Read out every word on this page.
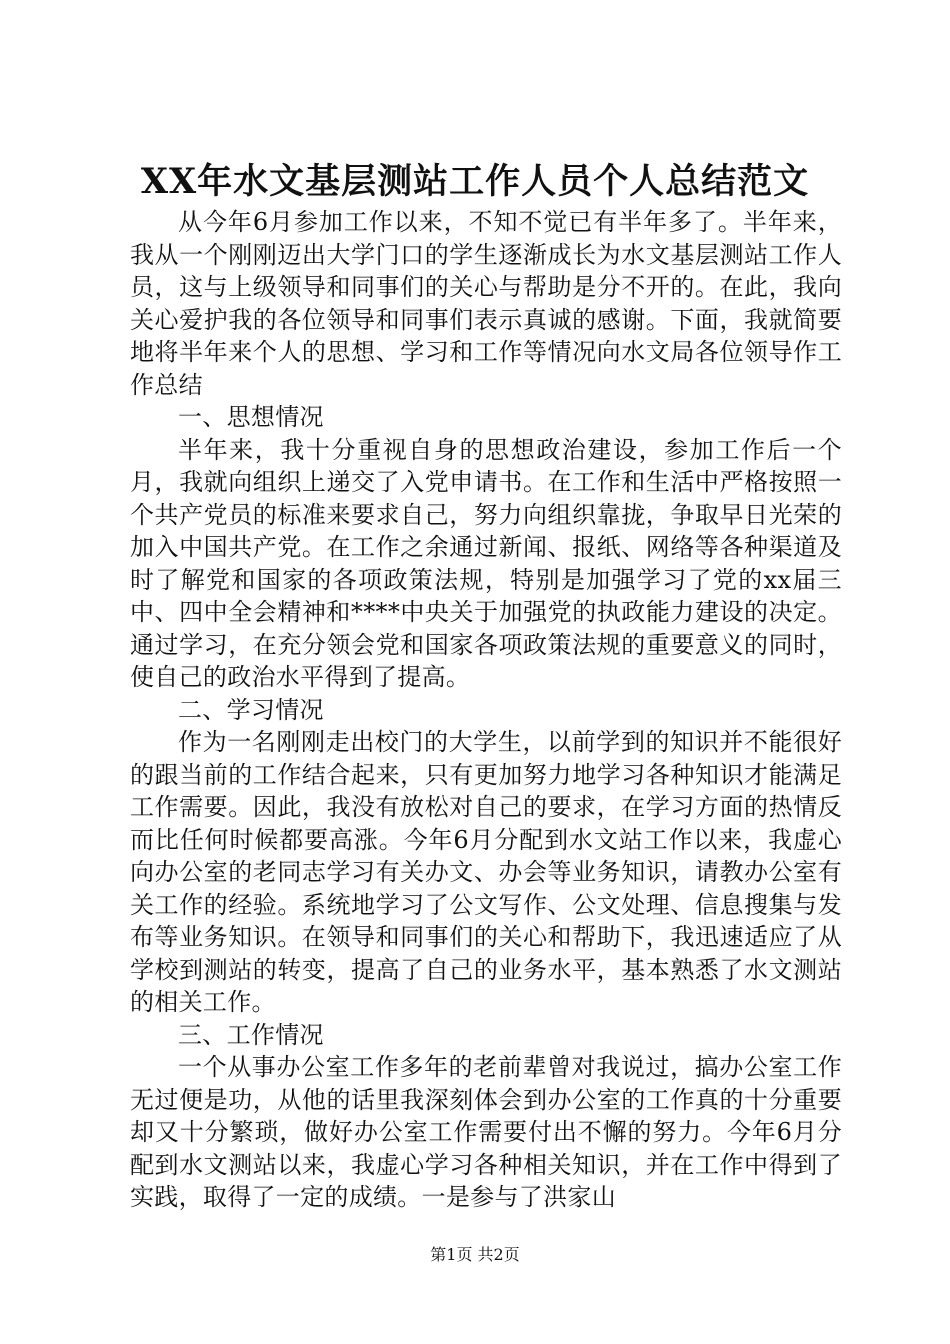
XX年水文基层测站工作人员个人总结范文

从今年6月参加工作以来，不知不觉已有半年多了。半年来，我从一个刚刚迈出大学门口的学生逐渐成长为水文基层测站工作人员，这与上级领导和同事们的关心与帮助是分不开的。在此，我向关心爱护我的各位领导和同事们表示真诚的感谢。下面，我就简要地将半年来个人的思想、学习和工作等情况向水文局各位领导作工作总结

一、思想情况

半年来，我十分重视自身的思想政治建设，参加工作后一个月，我就向组织上递交了入党申请书。在工作和生活中严格按照一个共产党员的标准来要求自己，努力向组织靠拢，争取早日光荣的加入中国共产党。在工作之余通过新闻、报纸、网络等各种渠道及时了解党和国家的各项政策法规，特别是加强学习了党的xx届三中、四中全会精神和****中央关于加强党的执政能力建设的决定。通过学习，在充分领会党和国家各项政策法规的重要意义的同时，使自己的政治水平得到了提高。

二、学习情况

作为一名刚刚走出校门的大学生，以前学到的知识并不能很好的跟当前的工作结合起来，只有更加努力地学习各种知识才能满足工作需要。因此，我没有放松对自己的要求，在学习方面的热情反而比任何时候都要高涨。今年6月分配到水文站工作以来，我虚心向办公室的老同志学习有关办文、办会等业务知识，请教办公室有关工作的经验。系统地学习了公文写作、公文处理、信息搜集与发布等业务知识。在领导和同事们的关心和帮助下，我迅速适应了从学校到测站的转变，提高了自己的业务水平，基本熟悉了水文测站的相关工作。

三、工作情况

一个从事办公室工作多年的老前辈曾对我说过，搞办公室工作无过便是功，从他的话里我深刻体会到办公室的工作真的十分重要却又十分繁琐，做好办公室工作需要付出不懈的努力。今年6月分配到水文测站以来，我虚心学习各种相关知识，并在工作中得到了实践，取得了一定的成绩。一是参与了洪家山

第1页 共2页
